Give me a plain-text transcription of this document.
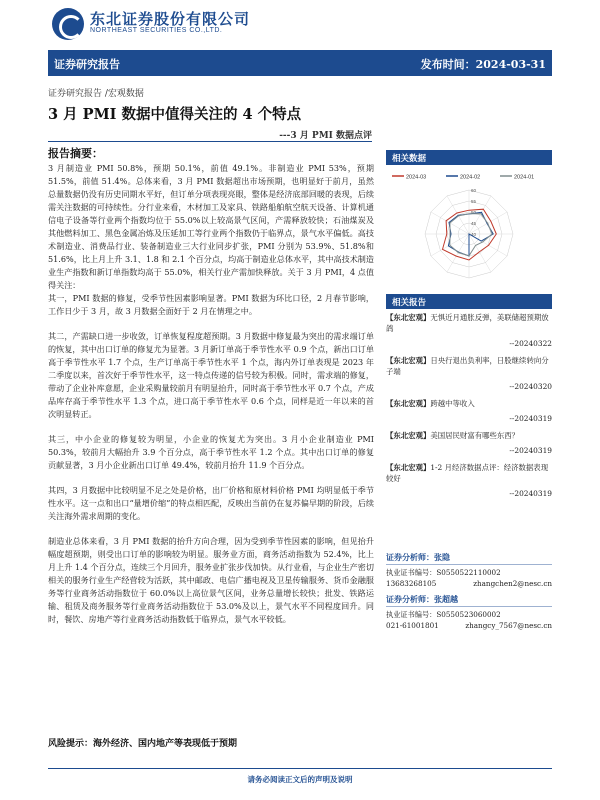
东北证券股份有限公司
NORTHEAST SECURITIES CO.,LTD.
证券研究报告	发布时间：2024-03-31
证券研究报告 /宏观数据
3 月 PMI 数据中值得关注的 4 个特点
---3 月 PMI 数据点评
报告摘要：

3 月制造业 PMI 50.8%，预期 50.1%，前值 49.1%。非制造业 PMI 53%，预期 51.5%，前值 51.4%。总体来看，3 月 PMI 数据超出市场预期，也明显好于前月，虽然总量数据仍没有历史同期水平好，但订单分项表现亮眼，整体是经济底部回暖的表现，后续需关注数据的可持续性。分行业来看，木材加工及家具、铁路船舶航空航天设备、计算机通信电子设备等行业两个指数均位于 55.0%以上较高景气区间，产需释放较快；石油煤炭及其他燃料加工、黑色金属冶炼及压延加工等行业两个指数仍于临界点，景气水平偏低。高技术制造业、消费品行业、装备制造业三大行业同步扩张，PMI 分别为 53.9%、51.8%和 51.6%，比上月上升 3.1、1.8 和 2.1 个百分点，均高于制造业总体水平，其中高技术制造业生产指数和新订单指数均高于 55.0%，相关行业产需加快释放。关于 3 月 PMI，4 点值得关注：

其一，PMI 数据的修复，受季节性因素影响显著。PMI 数据为环比口径，2 月春节影响，工作日少于 3 月，故 3 月数据全面好于 2 月在情理之中。

其二，产需缺口进一步收敛，订单恢复程度超预期。3 月数据中修复最为突出的需求端订单的恢复，其中出口订单的修复尤为显著。3 月新订单高于季节性水平 0.9 个点，新出口订单高于季节性水平 1.7 个点，生产订单高于季节性水平 1 个点，海内外订单表现是 2023 年二季度以来，首次好于季节性水平，这一特点传递的信号较为积极。同时，需求端的修复，带动了企业补库意愿，企业采购量较前月有明显抬升，同时高于季节性水平 0.7 个点，产成品库存高于季节性水平 1.3 个点，进口高于季节性水平 0.6 个点，同样是近一年以来的首次明显转正。

其三，中小企业的修复较为明显，小企业的恢复尤为突出。3 月小企业制造业 PMI 50.3%，较前月大幅抬升 3.9 个百分点，高于季节性水平 1.2 个点。其中出口订单的修复贡献显著，3 月小企业新出口订单 49.4%，较前月抬升 11.9 个百分点。

其四，3 月数据中比较明显不足之处是价格，出厂价格和原材料价格 PMI 均明显低于季节性水平。这一点和出口“量增价缩”的特点相匹配，反映出当前仍在复苏偏早期的阶段，后续关注海外需求周期的变化。

制造业总体来看，3 月 PMI 数据的抬升方向合理，因为受到季节性因素的影响，但见抬升幅度超预期，则受出口订单的影响较为明显。服务业方面，商务活动指数为 52.4%，比上月上升 1.4 个百分点，连续三个月回升，服务业扩张步伐加快。从行业看，与企业生产密切相关的服务行业生产经营较为活跃，其中邮政、电信广播电视及卫星传输服务、货币金融服务等行业商务活动指数位于 60.0%以上高位景气区间，业务总量增长较快；批发、铁路运输、租赁及商务服务等行业商务活动指数位于 53.0%及以上，景气水平不同程度回升。同时，餐饮、房地产等行业商务活动指数低于临界点，景气水平较低。

风险提示：海外经济、国内地产等表现低于预期
相关数据
2024-03	2024-02	2024-01
60
55
50
45
40
相关报告
【东北宏观】无惧近月通胀反弹，美联储超预期放鸽
--20240322
【东北宏观】日央行退出负利率，日股继续转向分子端
--20240320
【东北宏观】跨越中等收入
--20240319
【东北宏观】美国居民财富有哪些东西？
--20240319
【东北宏观】1-2 月经济数据点评：经济数据表现较好
--20240319
证券分析师：张隐
执业证书编号：S0550522110002
13683268105	zhangchen2@nesc.cn
证券分析师：张超越
执业证书编号：S0550523060002
021-61001801	zhangcy_7567@nesc.cn
请务必阅读正文后的声明及说明
